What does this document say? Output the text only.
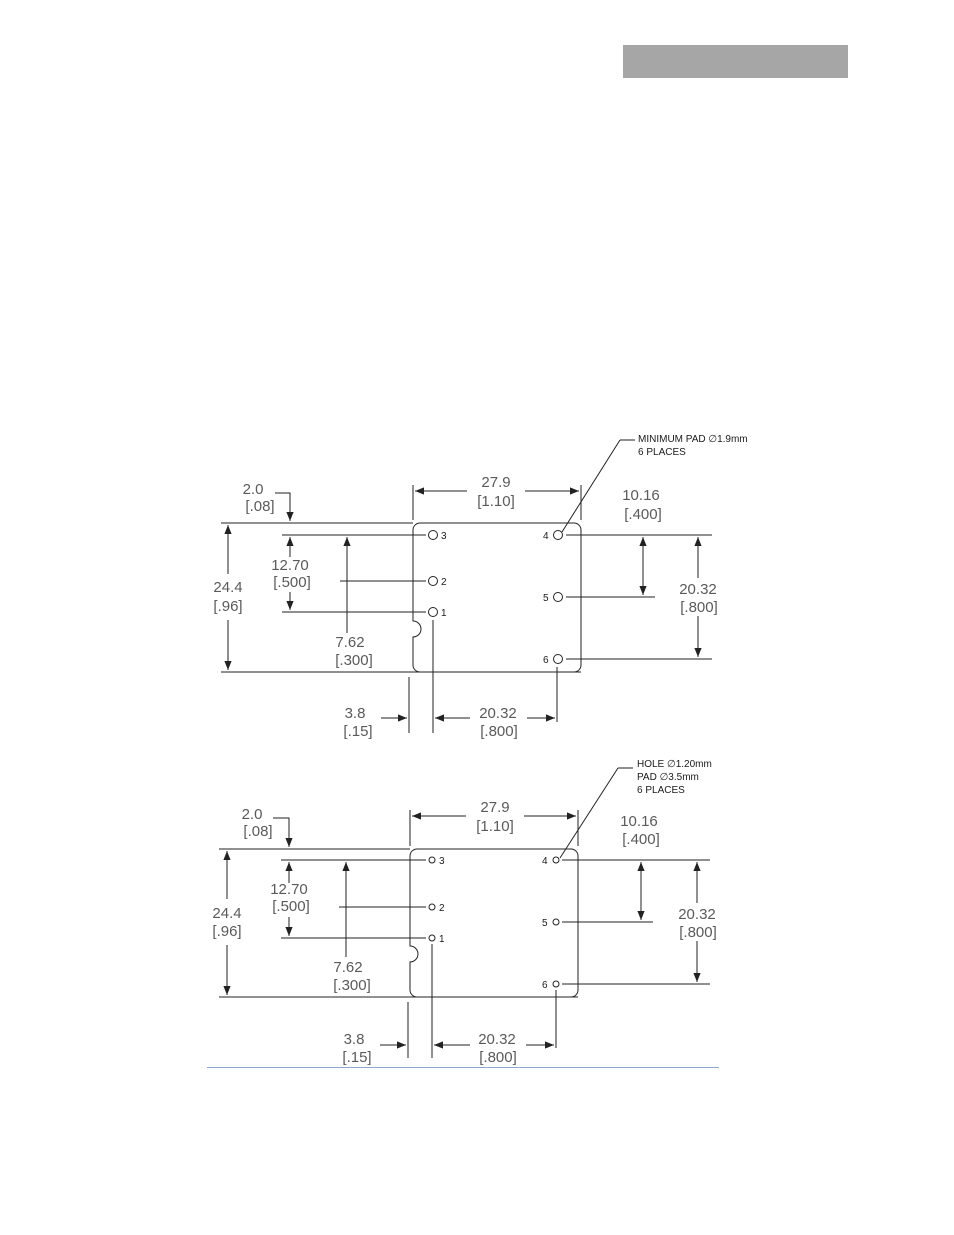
MINIMUM PAD ∅1.9mm
6 PLACES
3
2
1
4
5
6
27.9
[1.10]
2.0
[.08]
24.4
[.96]
12.70
[.500]
7.62
[.300]
10.16
[.400]
20.32
[.800]
3.8
[.15]
20.32
[.800]
HOLE ∅1.20mm
PAD ∅3.5mm
6 PLACES
3
2
1
4
5
6
27.9
[1.10]
2.0
[.08]
24.4
[.96]
12.70
[.500]
7.62
[.300]
10.16
[.400]
20.32
[.800]
3.8
[.15]
20.32
[.800]
